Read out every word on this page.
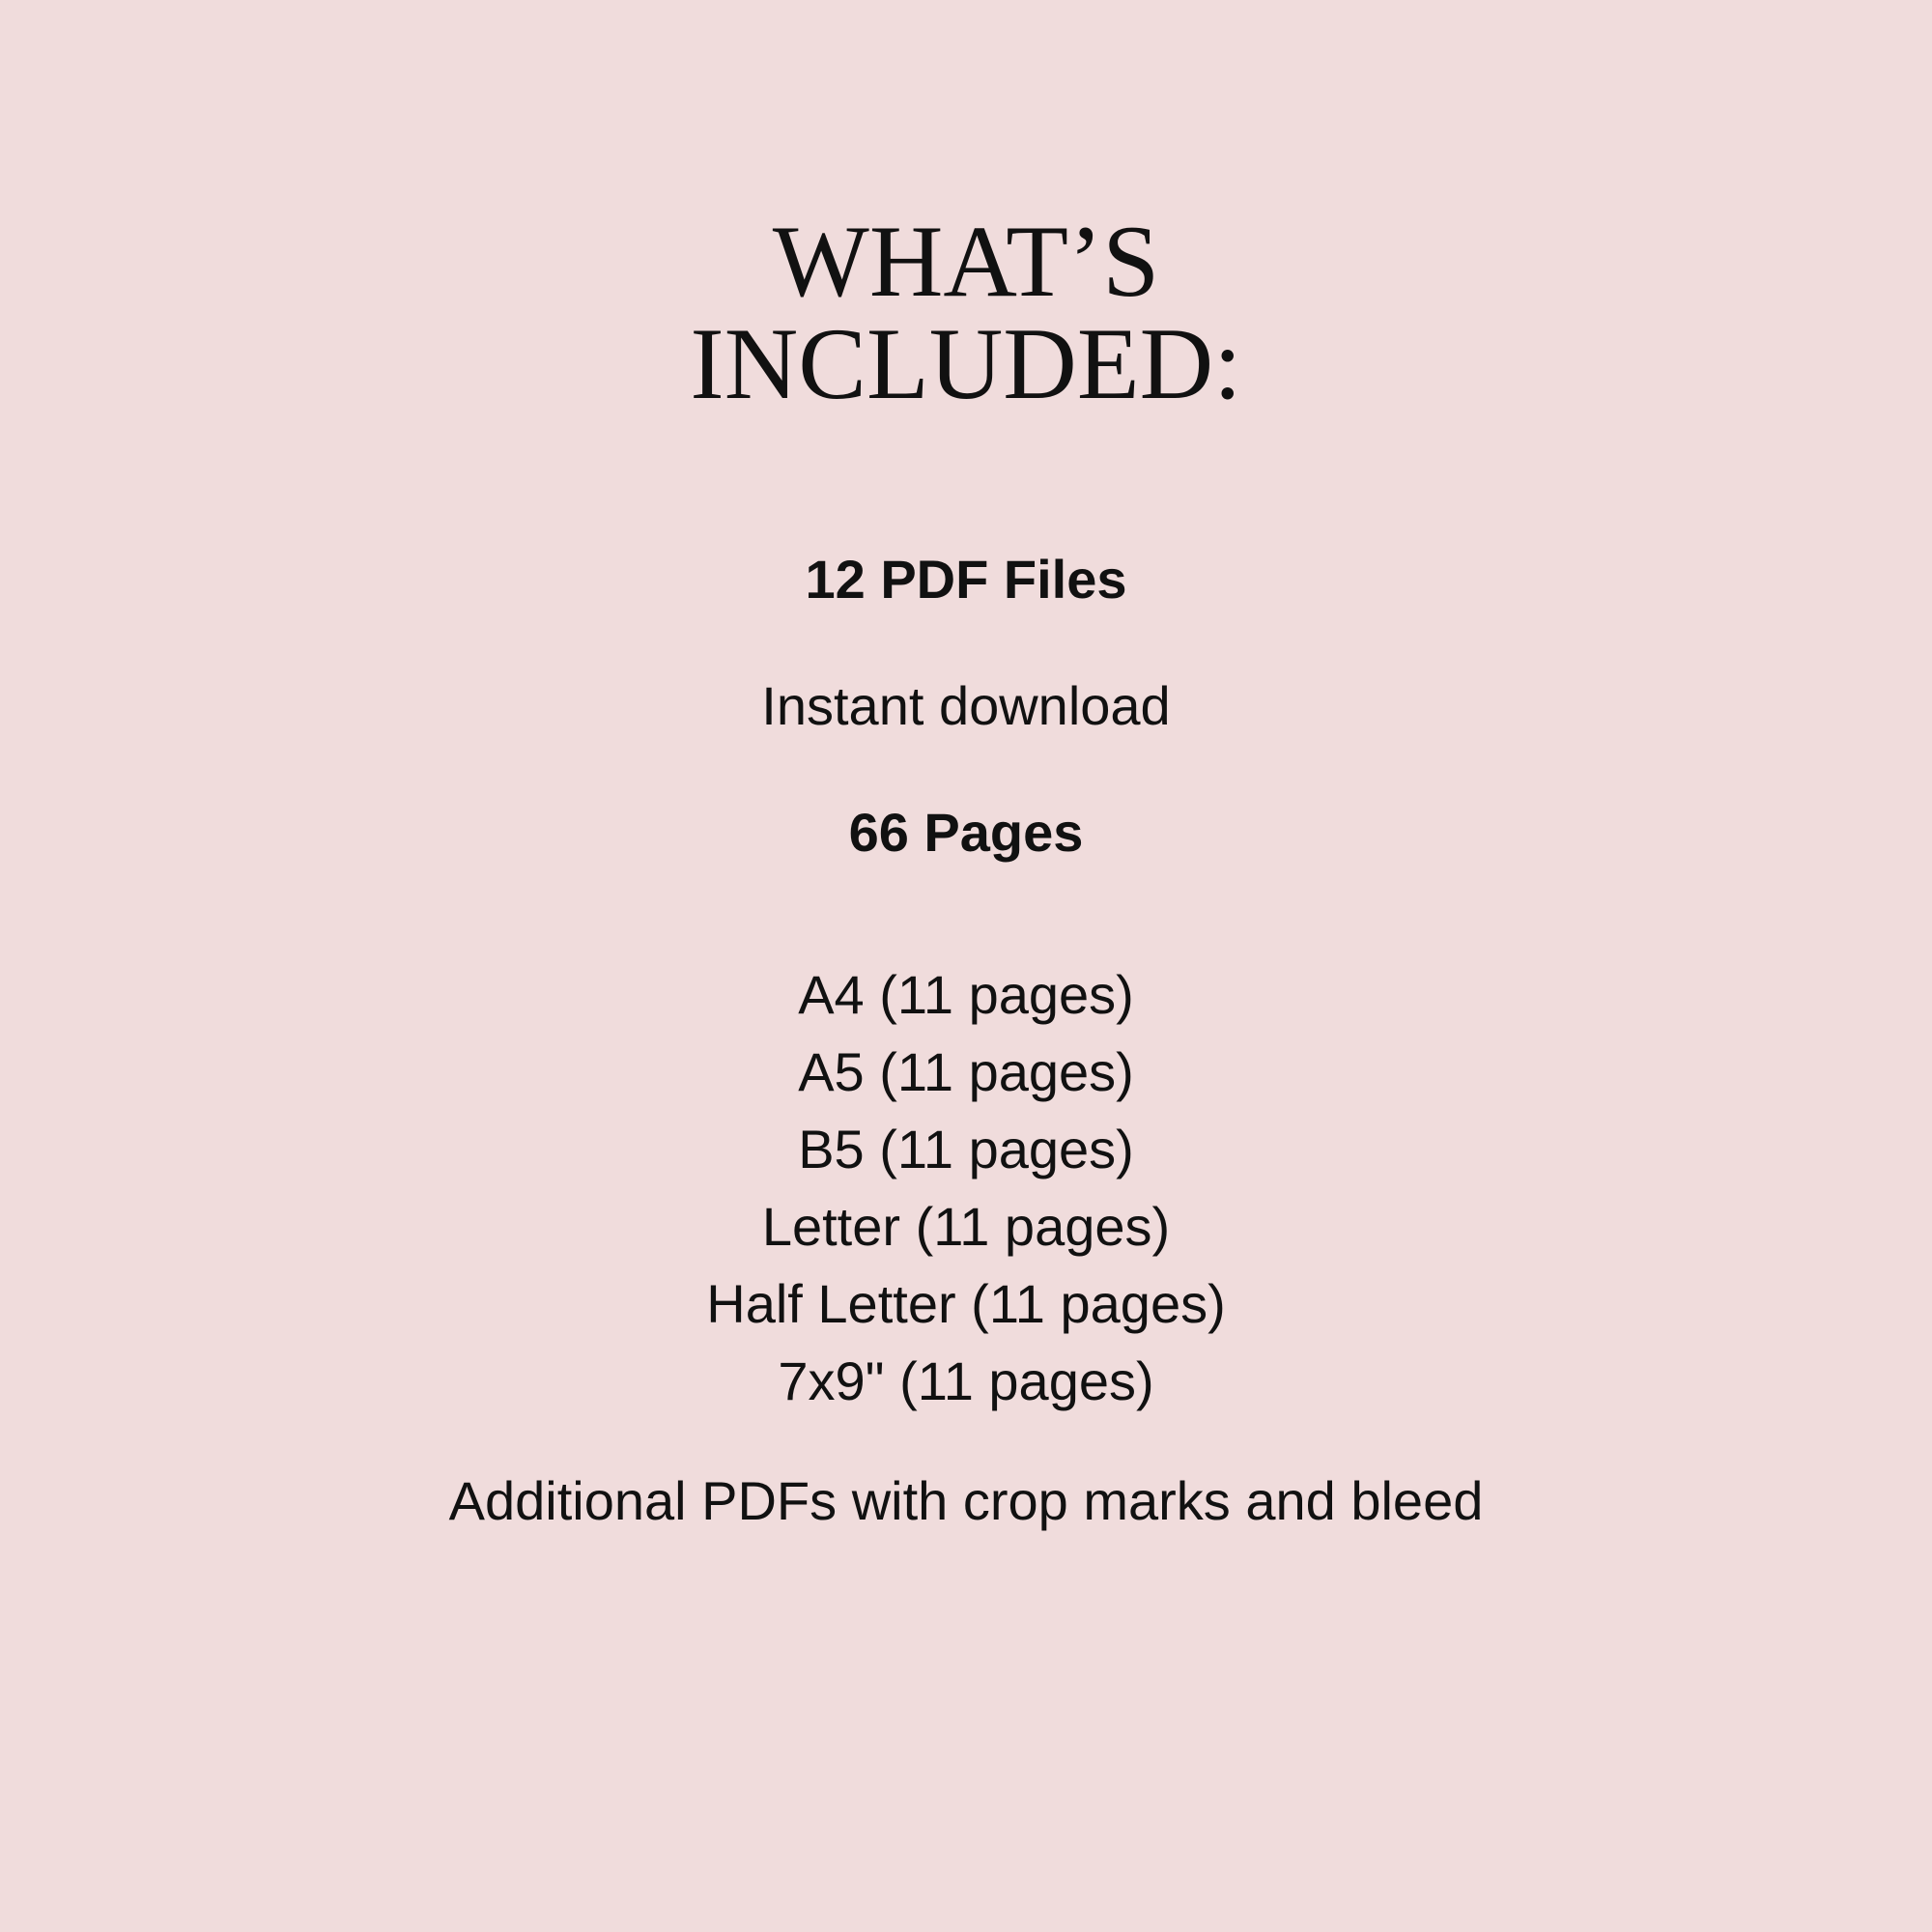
WHAT’S
INCLUDED:

12 PDF Files

Instant download

66 Pages

A4 (11 pages)
A5 (11 pages)
B5 (11 pages)
Letter (11 pages)
Half Letter (11 pages)
7x9" (11 pages)

Additional PDFs with crop marks and bleed
